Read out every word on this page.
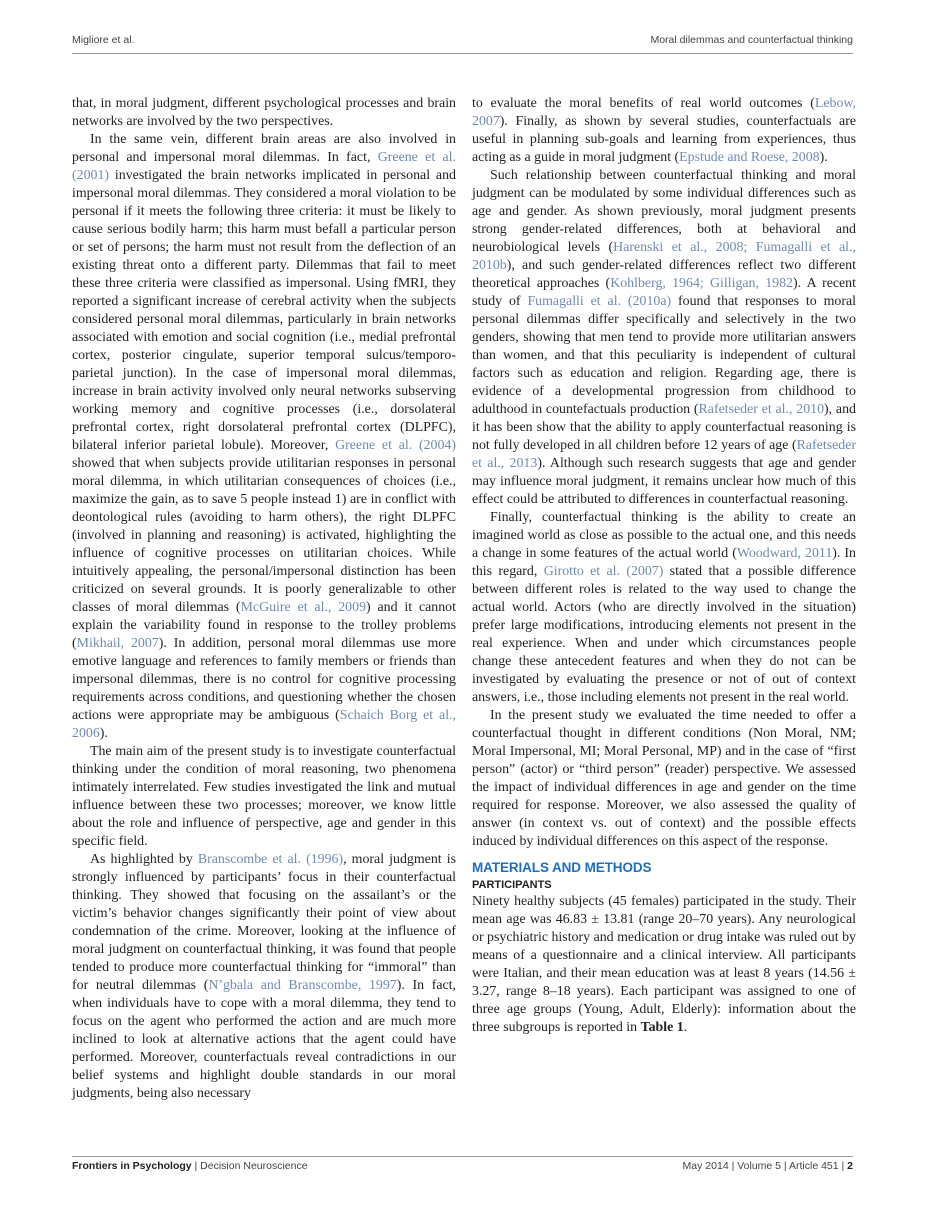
Migliore et al.	Moral dilemmas and counterfactual thinking

that, in moral judgment, different psychological processes and brain networks are involved by the two perspectives.

In the same vein, different brain areas are also involved in personal and impersonal moral dilemmas. In fact, Greene et al. (2001) investigated the brain networks implicated in personal and impersonal moral dilemmas. They considered a moral violation to be personal if it meets the following three criteria: it must be likely to cause serious bodily harm; this harm must befall a particular person or set of persons; the harm must not result from the deflection of an existing threat onto a different party. Dilemmas that fail to meet these three criteria were classified as impersonal. Using fMRI, they reported a significant increase of cerebral activity when the subjects considered personal moral dilemmas, particularly in brain networks associated with emotion and social cognition (i.e., medial prefrontal cortex, posterior cingulate, superior temporal sulcus/temporo-parietal junction). In the case of impersonal moral dilemmas, increase in brain activity involved only neural networks subserving working memory and cognitive processes (i.e., dorsolateral prefrontal cortex, right dorsolateral prefrontal cortex (DLPFC), bilateral inferior parietal lobule). Moreover, Greene et al. (2004) showed that when subjects provide utilitarian responses in personal moral dilemma, in which utilitarian consequences of choices (i.e., maximize the gain, as to save 5 people instead 1) are in conflict with deontological rules (avoiding to harm others), the right DLPFC (involved in planning and reasoning) is activated, highlighting the influence of cognitive processes on utilitarian choices. While intuitively appealing, the personal/impersonal distinction has been criticized on several grounds. It is poorly generalizable to other classes of moral dilemmas (McGuire et al., 2009) and it cannot explain the variability found in response to the trolley problems (Mikhail, 2007). In addition, personal moral dilemmas use more emotive language and references to family members or friends than impersonal dilemmas, there is no control for cognitive processing requirements across conditions, and questioning whether the chosen actions were appropriate may be ambiguous (Schaich Borg et al., 2006).

The main aim of the present study is to investigate counterfactual thinking under the condition of moral reasoning, two phenomena intimately interrelated. Few studies investigated the link and mutual influence between these two processes; moreover, we know little about the role and influence of perspective, age and gender in this specific field.

As highlighted by Branscombe et al. (1996), moral judgment is strongly influenced by participants’ focus in their counterfactual thinking. They showed that focusing on the assailant’s or the victim’s behavior changes significantly their point of view about condemnation of the crime. Moreover, looking at the influence of moral judgment on counterfactual thinking, it was found that people tended to produce more counterfactual thinking for “immoral” than for neutral dilemmas (N’gbala and Branscombe, 1997). In fact, when individuals have to cope with a moral dilemma, they tend to focus on the agent who performed the action and are much more inclined to look at alternative actions that the agent could have performed. Moreover, counterfactuals reveal contradictions in our belief systems and highlight double standards in our moral judgments, being also necessary

to evaluate the moral benefits of real world outcomes (Lebow, 2007). Finally, as shown by several studies, counterfactuals are useful in planning sub-goals and learning from experiences, thus acting as a guide in moral judgment (Epstude and Roese, 2008).

Such relationship between counterfactual thinking and moral judgment can be modulated by some individual differences such as age and gender. As shown previously, moral judgment presents strong gender-related differences, both at behavioral and neurobiological levels (Harenski et al., 2008; Fumagalli et al., 2010b), and such gender-related differences reflect two different theoretical approaches (Kohlberg, 1964; Gilligan, 1982). A recent study of Fumagalli et al. (2010a) found that responses to moral personal dilemmas differ specifically and selectively in the two genders, showing that men tend to provide more utilitarian answers than women, and that this peculiarity is independent of cultural factors such as education and religion. Regarding age, there is evidence of a developmental progression from childhood to adulthood in countefactuals production (Rafetseder et al., 2010), and it has been show that the ability to apply counterfactual reasoning is not fully developed in all children before 12 years of age (Rafetseder et al., 2013). Although such research suggests that age and gender may influence moral judgment, it remains unclear how much of this effect could be attributed to differences in counterfactual reasoning.

Finally, counterfactual thinking is the ability to create an imagined world as close as possible to the actual one, and this needs a change in some features of the actual world (Woodward, 2011). In this regard, Girotto et al. (2007) stated that a possible difference between different roles is related to the way used to change the actual world. Actors (who are directly involved in the situation) prefer large modifications, introducing elements not present in the real experience. When and under which circumstances people change these antecedent features and when they do not can be investigated by evaluating the presence or not of out of context answers, i.e., those including elements not present in the real world.

In the present study we evaluated the time needed to offer a counterfactual thought in different conditions (Non Moral, NM; Moral Impersonal, MI; Moral Personal, MP) and in the case of “first person” (actor) or “third person” (reader) perspective. We assessed the impact of individual differences in age and gender on the time required for response. Moreover, we also assessed the quality of answer (in context vs. out of context) and the possible effects induced by individual differences on this aspect of the response.

MATERIALS AND METHODS
PARTICIPANTS

Ninety healthy subjects (45 females) participated in the study. Their mean age was 46.83 ± 13.81 (range 20–70 years). Any neurological or psychiatric history and medication or drug intake was ruled out by means of a questionnaire and a clinical interview. All participants were Italian, and their mean education was at least 8 years (14.56 ± 3.27, range 8–18 years). Each participant was assigned to one of three age groups (Young, Adult, Elderly): information about the three subgroups is reported in Table 1.

Frontiers in Psychology | Decision Neuroscience	May 2014 | Volume 5 | Article 451 | 2
